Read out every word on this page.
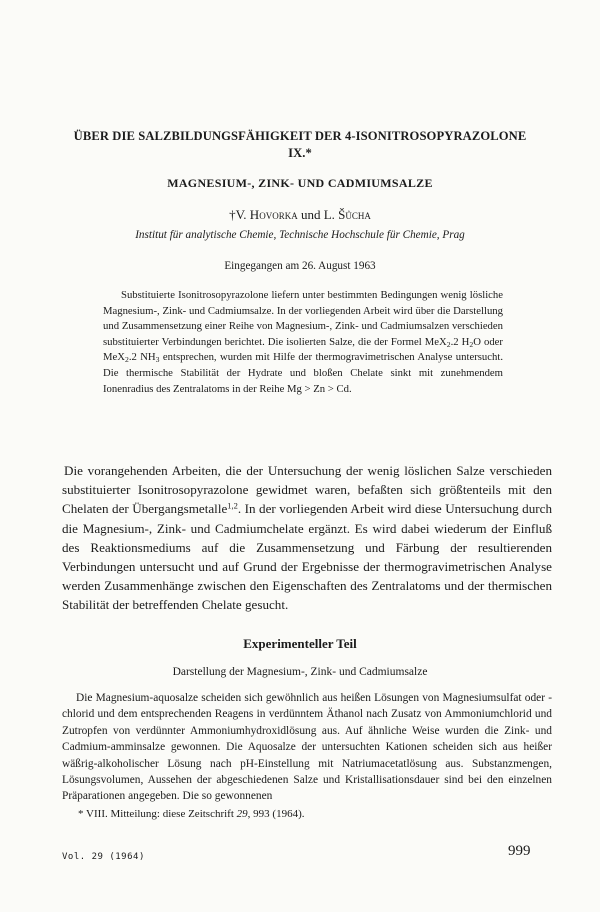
ÜBER DIE SALZBILDUNGSFÄHIGKEIT DER 4-ISONITROSOPYRAZOLONE
IX.*
MAGNESIUM-, ZINK- UND CADMIUMSALZE
†V. Hovorka und L. Šůcha
Institut für analytische Chemie, Technische Hochschule für Chemie, Prag
Eingegangen am 26. August 1963

Substituierte Isonitrosopyrazolone liefern unter bestimmten Bedingungen wenig lösliche Magnesium-, Zink- und Cadmiumsalze. In der vorliegenden Arbeit wird über die Darstellung und Zusammensetzung einer Reihe von Magnesium-, Zink- und Cadmiumsalzen verschieden substituierter Verbindungen berichtet. Die isolierten Salze, die der Formel MeX$_2$.2 $H_2O$ oder MeX$_2$.2 $NH_3$ entsprechen, wurden mit Hilfe der thermogravimetrischen Analyse untersucht. Die thermische Stabilität der Hydrate und bloßen Chelate sinkt mit zunehmendem Ionenradius des Zentralatoms in der Reihe Mg > Zn > Cd.

Die vorangehenden Arbeiten, die der Untersuchung der wenig löslichen Salze verschieden substituierter Isonitrosopyrazolone gewidmet waren, befaßten sich größtenteils mit den Chelaten der Übergangsmetalle$^{1,2}$. In der vorliegenden Arbeit wird diese Untersuchung durch die Magnesium-, Zink- und Cadmiumchelate ergänzt. Es wird dabei wiederum der Einfluß des Reaktionsmediums auf die Zusammensetzung und Färbung der resultierenden Verbindungen untersucht und auf Grund der Ergebnisse der thermogravimetrischen Analyse werden Zusammenhänge zwischen den Eigenschaften des Zentralatoms und der thermischen Stabilität der betreffenden Chelate gesucht.

Experimenteller Teil
Darstellung der Magnesium-, Zink- und Cadmiumsalze

Die Magnesium-aquosalze scheiden sich gewöhnlich aus heißen Lösungen von Magnesiumsulfat oder -chlorid und dem entsprechenden Reagens in verdünntem Äthanol nach Zusatz von Ammoniumchlorid und Zutropfen von verdünnter Ammoniumhydroxidlösung aus. Auf ähnliche Weise wurden die Zink- und Cadmium-amminsalze gewonnen. Die Aquosalze der untersuchten Kationen scheiden sich aus heißer wäßrig-alkoholischer Lösung nach pH-Einstellung mit Natriumacetatlösung aus. Substanzmengen, Lösungsvolumen, Aussehen der abgeschiedenen Salze und Kristallisationsdauer sind bei den einzelnen Präparationen angegeben. Die so gewonnenen

* VIII. Mitteilung: diese Zeitschrift 29, 993 (1964).
Vol. 29 (1964)	999
